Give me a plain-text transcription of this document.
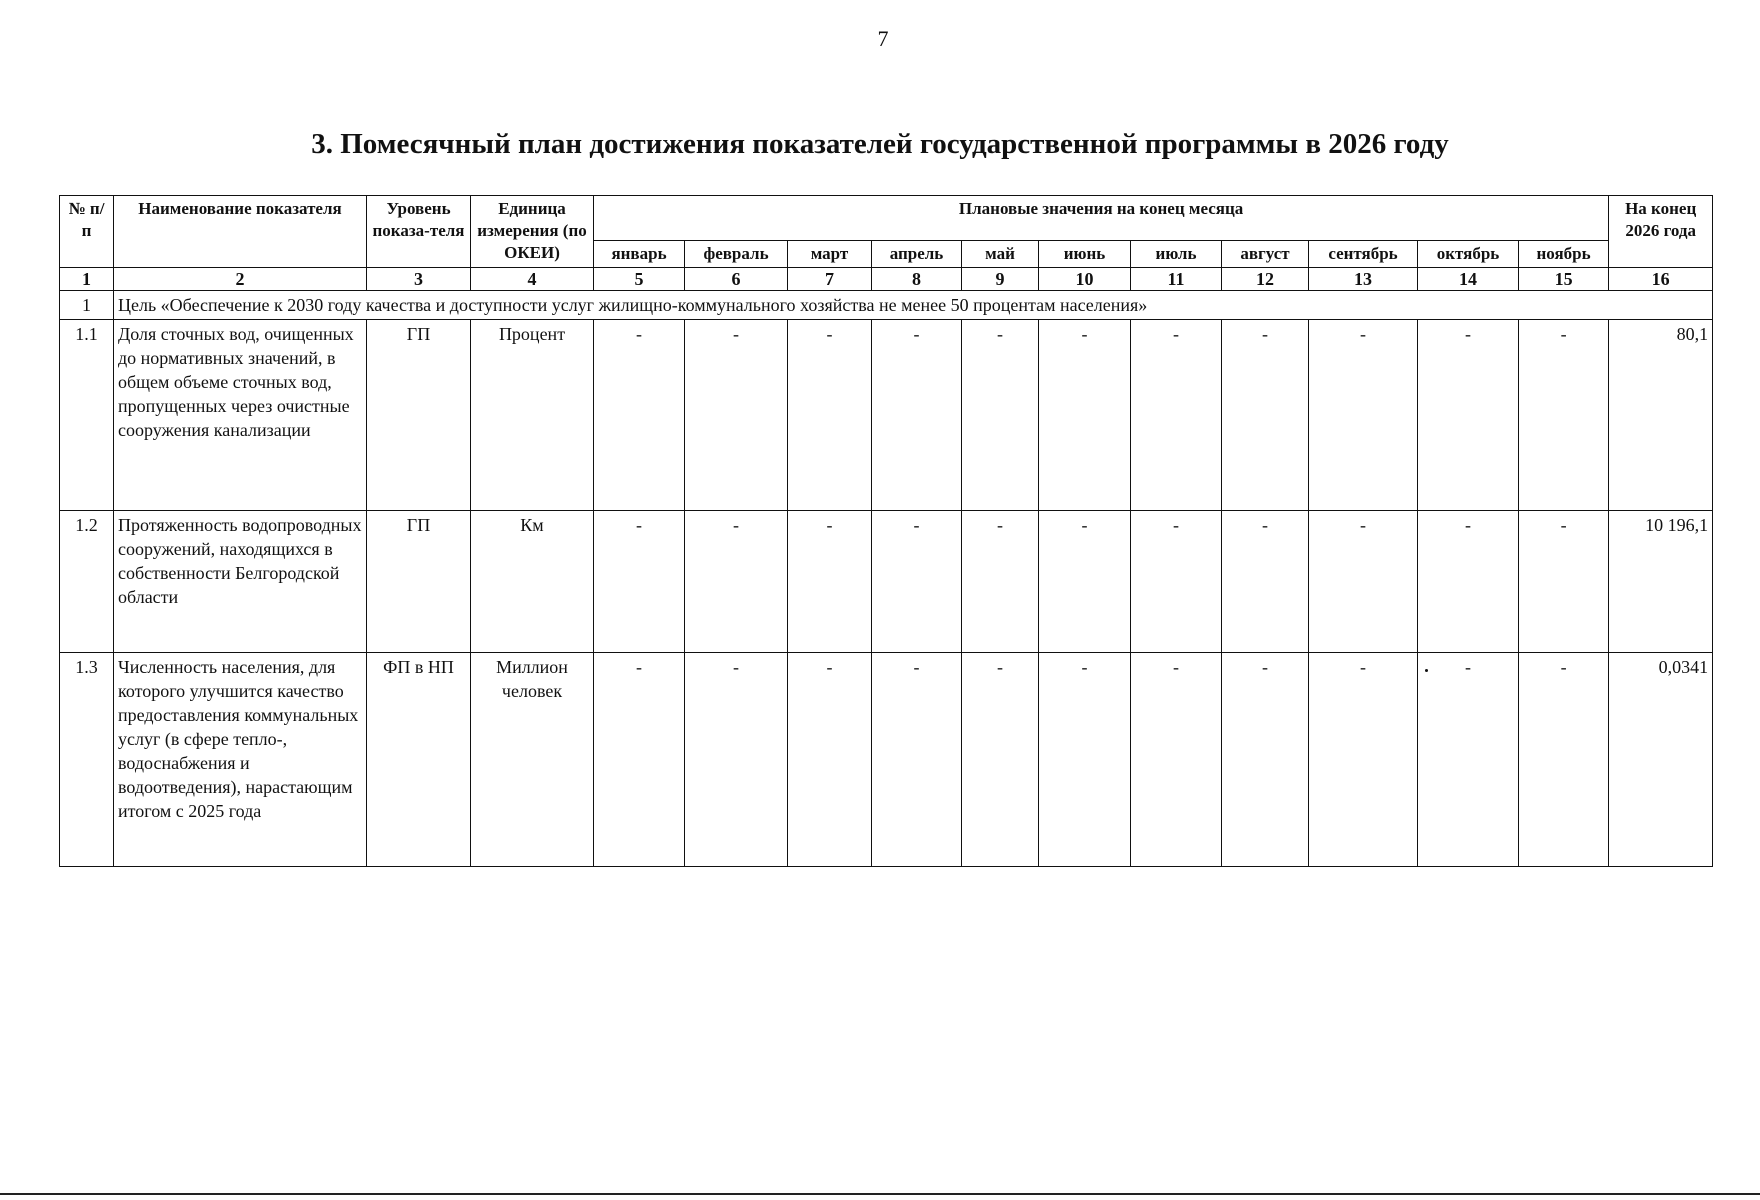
7
3. Помесячный план достижения показателей государственной программы в 2026 году
№ п/п	Наименование показателя	Уровень показа-теля	Единица измерения (по ОКЕИ)	Плановые значения на конец месяца											На конец 2026 года
				январь	февраль	март	апрель	май	июнь	июль	август	сентябрь	октябрь	ноябрь	
1	2	3	4	5	6	7	8	9	10	11	12	13	14	15	16
1	Цель «Обеспечение к 2030 году качества и доступности услуг жилищно-коммунального хозяйства не менее 50 процентам населения»														
1.1	Доля сточных вод, очищенных до нормативных значений, в общем объеме сточных вод, пропущенных через очистные сооружения канализации	ГП	Процент	-	-	-	-	-	-	-	-	-	-	-	80,1
1.2	Протяженность водопроводных сооружений, находящихся в собственности Белгородской области	ГП	Км	-	-	-	-	-	-	-	-	-	-	-	10 196,1
1.3	Численность населения, для которого улучшится качество предоставления коммунальных услуг (в сфере тепло-, водоснабжения и водоотведения), нарастающим итогом с 2025 года	ФП в НП	Миллион человек	-	-	-	-	-	-	-	-	-	-	-	0,0341
